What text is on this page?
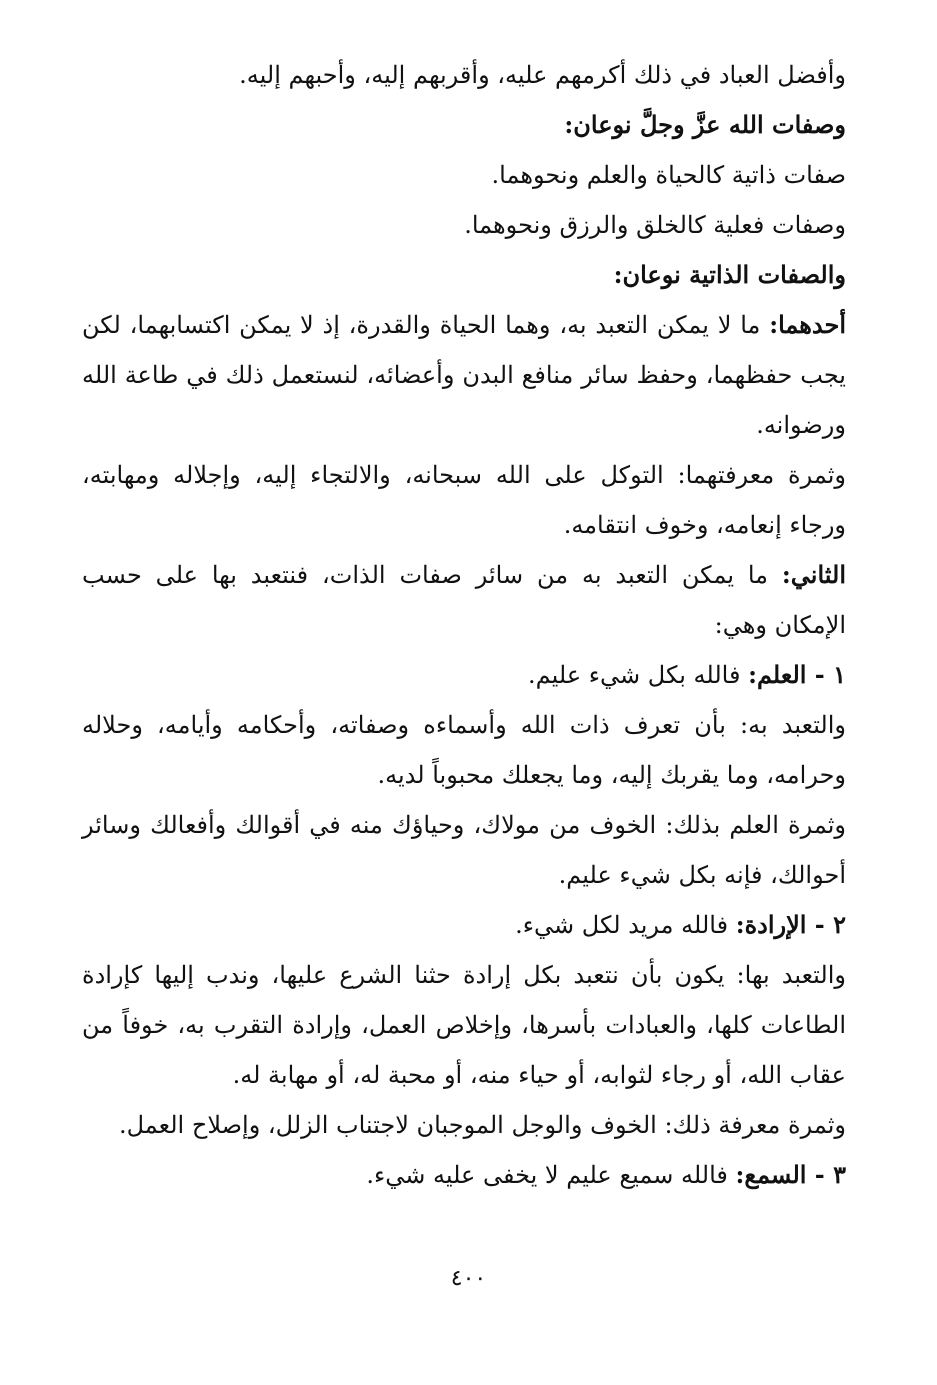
وأفضل العباد في ذلك أكرمهم عليه، وأقربهم إليه، وأحبهم إليه.

وصفات الله عزَّ وجلَّ نوعان:

صفات ذاتية كالحياة والعلم ونحوهما.

وصفات فعلية كالخلق والرزق ونحوهما.

والصفات الذاتية نوعان:

أحدهما: ما لا يمكن التعبد به، وهما الحياة والقدرة، إذ لا يمكن اكتسابهما، لكن يجب حفظهما، وحفظ سائر منافع البدن وأعضائه، لنستعمل ذلك في طاعة الله ورضوانه.

وثمرة معرفتهما: التوكل على الله سبحانه، والالتجاء إليه، وإجلاله ومهابته، ورجاء إنعامه، وخوف انتقامه.

الثاني: ما يمكن التعبد به من سائر صفات الذات، فنتعبد بها على حسب الإمكان وهي:

١ - العلم: فالله بكل شيء عليم.

والتعبد به: بأن تعرف ذات الله وأسماءه وصفاته، وأحكامه وأيامه، وحلاله وحرامه، وما يقربك إليه، وما يجعلك محبوباً لديه.

وثمرة العلم بذلك: الخوف من مولاك، وحياؤك منه في أقوالك وأفعالك وسائر أحوالك، فإنه بكل شيء عليم.

٢ - الإرادة: فالله مريد لكل شيء.

والتعبد بها: يكون بأن نتعبد بكل إرادة حثنا الشرع عليها، وندب إليها كإرادة الطاعات كلها، والعبادات بأسرها، وإخلاص العمل، وإرادة التقرب به، خوفاً من عقاب الله، أو رجاء لثوابه، أو حياء منه، أو محبة له، أو مهابة له.

وثمرة معرفة ذلك: الخوف والوجل الموجبان لاجتناب الزلل، وإصلاح العمل.

٣ - السمع: فالله سميع عليم لا يخفى عليه شيء.

٤٠٠
